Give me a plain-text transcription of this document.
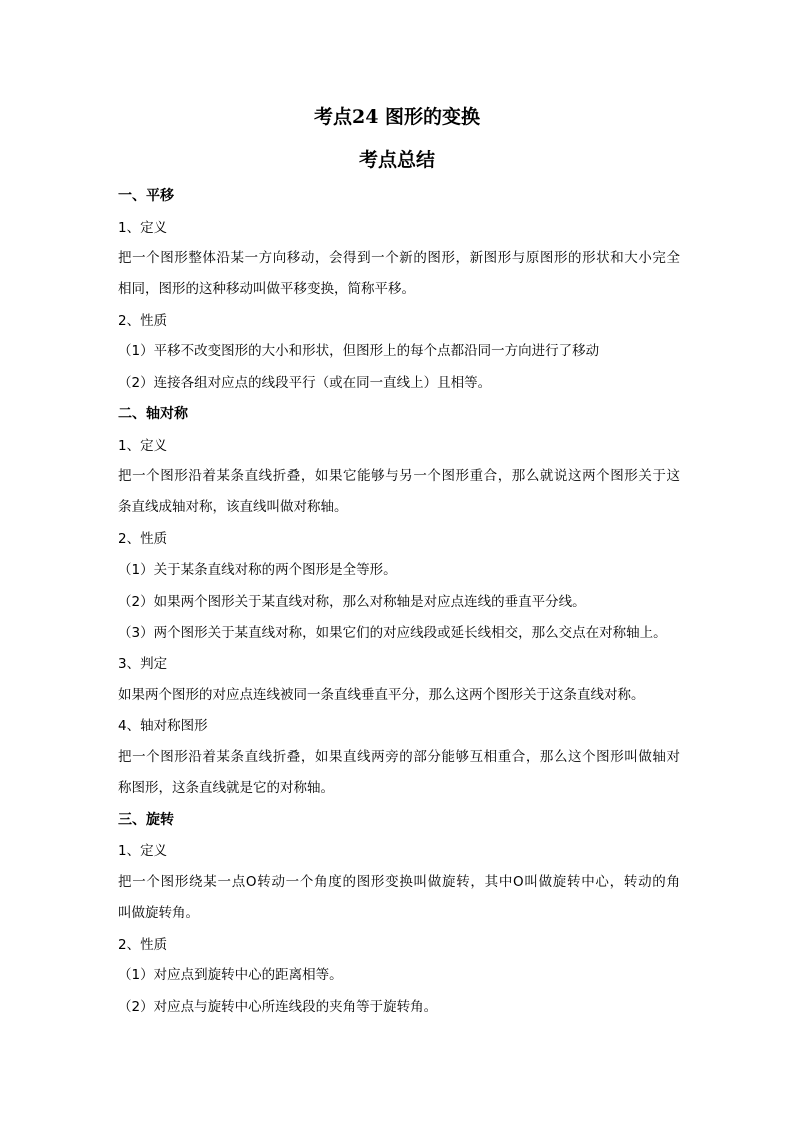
考点24 图形的变换
考点总结
一、平移
1、定义
把一个图形整体沿某一方向移动，会得到一个新的图形，新图形与原图形的形状和大小完全
相同，图形的这种移动叫做平移变换，简称平移。
2、性质
（1）平移不改变图形的大小和形状，但图形上的每个点都沿同一方向进行了移动
（2）连接各组对应点的线段平行（或在同一直线上）且相等。
二、轴对称
1、定义
把一个图形沿着某条直线折叠，如果它能够与另一个图形重合，那么就说这两个图形关于这
条直线成轴对称，该直线叫做对称轴。
2、性质
（1）关于某条直线对称的两个图形是全等形。
（2）如果两个图形关于某直线对称，那么对称轴是对应点连线的垂直平分线。
（3）两个图形关于某直线对称，如果它们的对应线段或延长线相交，那么交点在对称轴上。
3、判定
如果两个图形的对应点连线被同一条直线垂直平分，那么这两个图形关于这条直线对称。
4、轴对称图形
把一个图形沿着某条直线折叠，如果直线两旁的部分能够互相重合，那么这个图形叫做轴对
称图形，这条直线就是它的对称轴。
三、旋转
1、定义
把一个图形绕某一点O转动一个角度的图形变换叫做旋转，其中O叫做旋转中心，转动的角
叫做旋转角。
2、性质
（1）对应点到旋转中心的距离相等。
（2）对应点与旋转中心所连线段的夹角等于旋转角。
